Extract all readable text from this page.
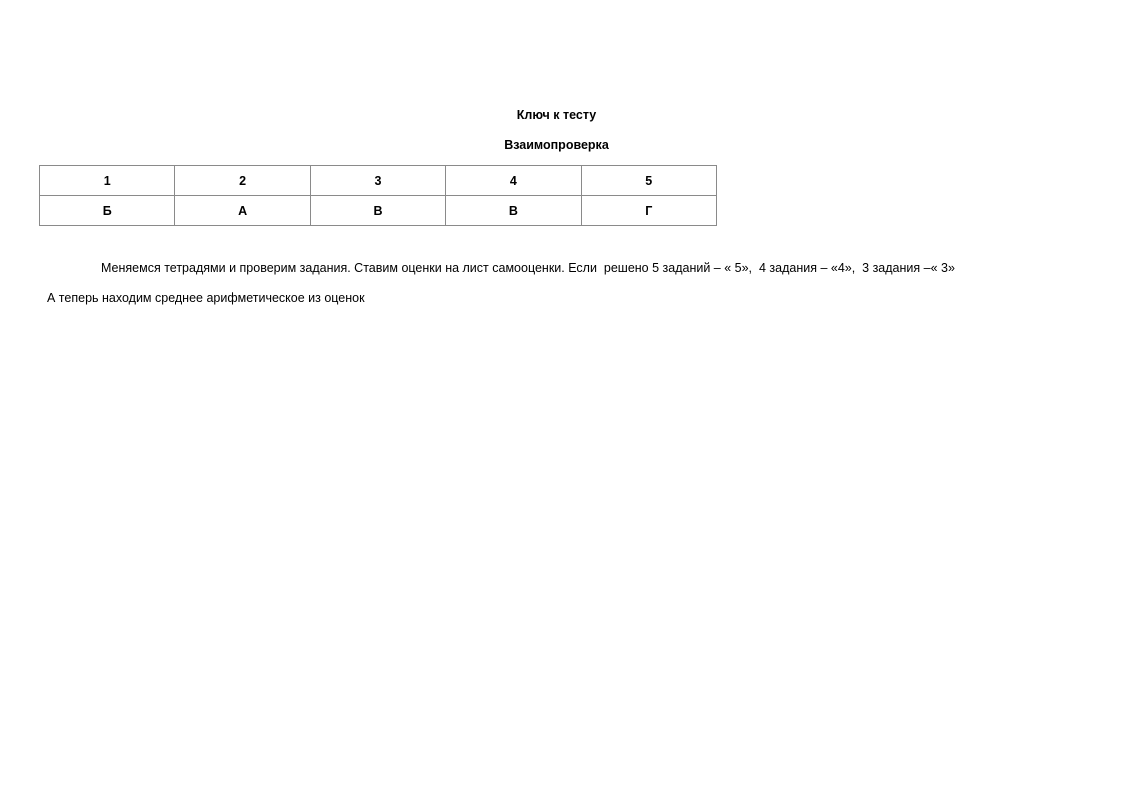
Ключ к тесту
Взаимопроверка
1	2	3	4	5
Б	А	В	В	Г
Меняемся тетрадями и проверим задания. Ставим оценки на лист самооценки. Если  решено 5 заданий – « 5»,  4 задания – «4»,  3 задания –« 3»
А теперь находим среднее арифметическое из оценок
